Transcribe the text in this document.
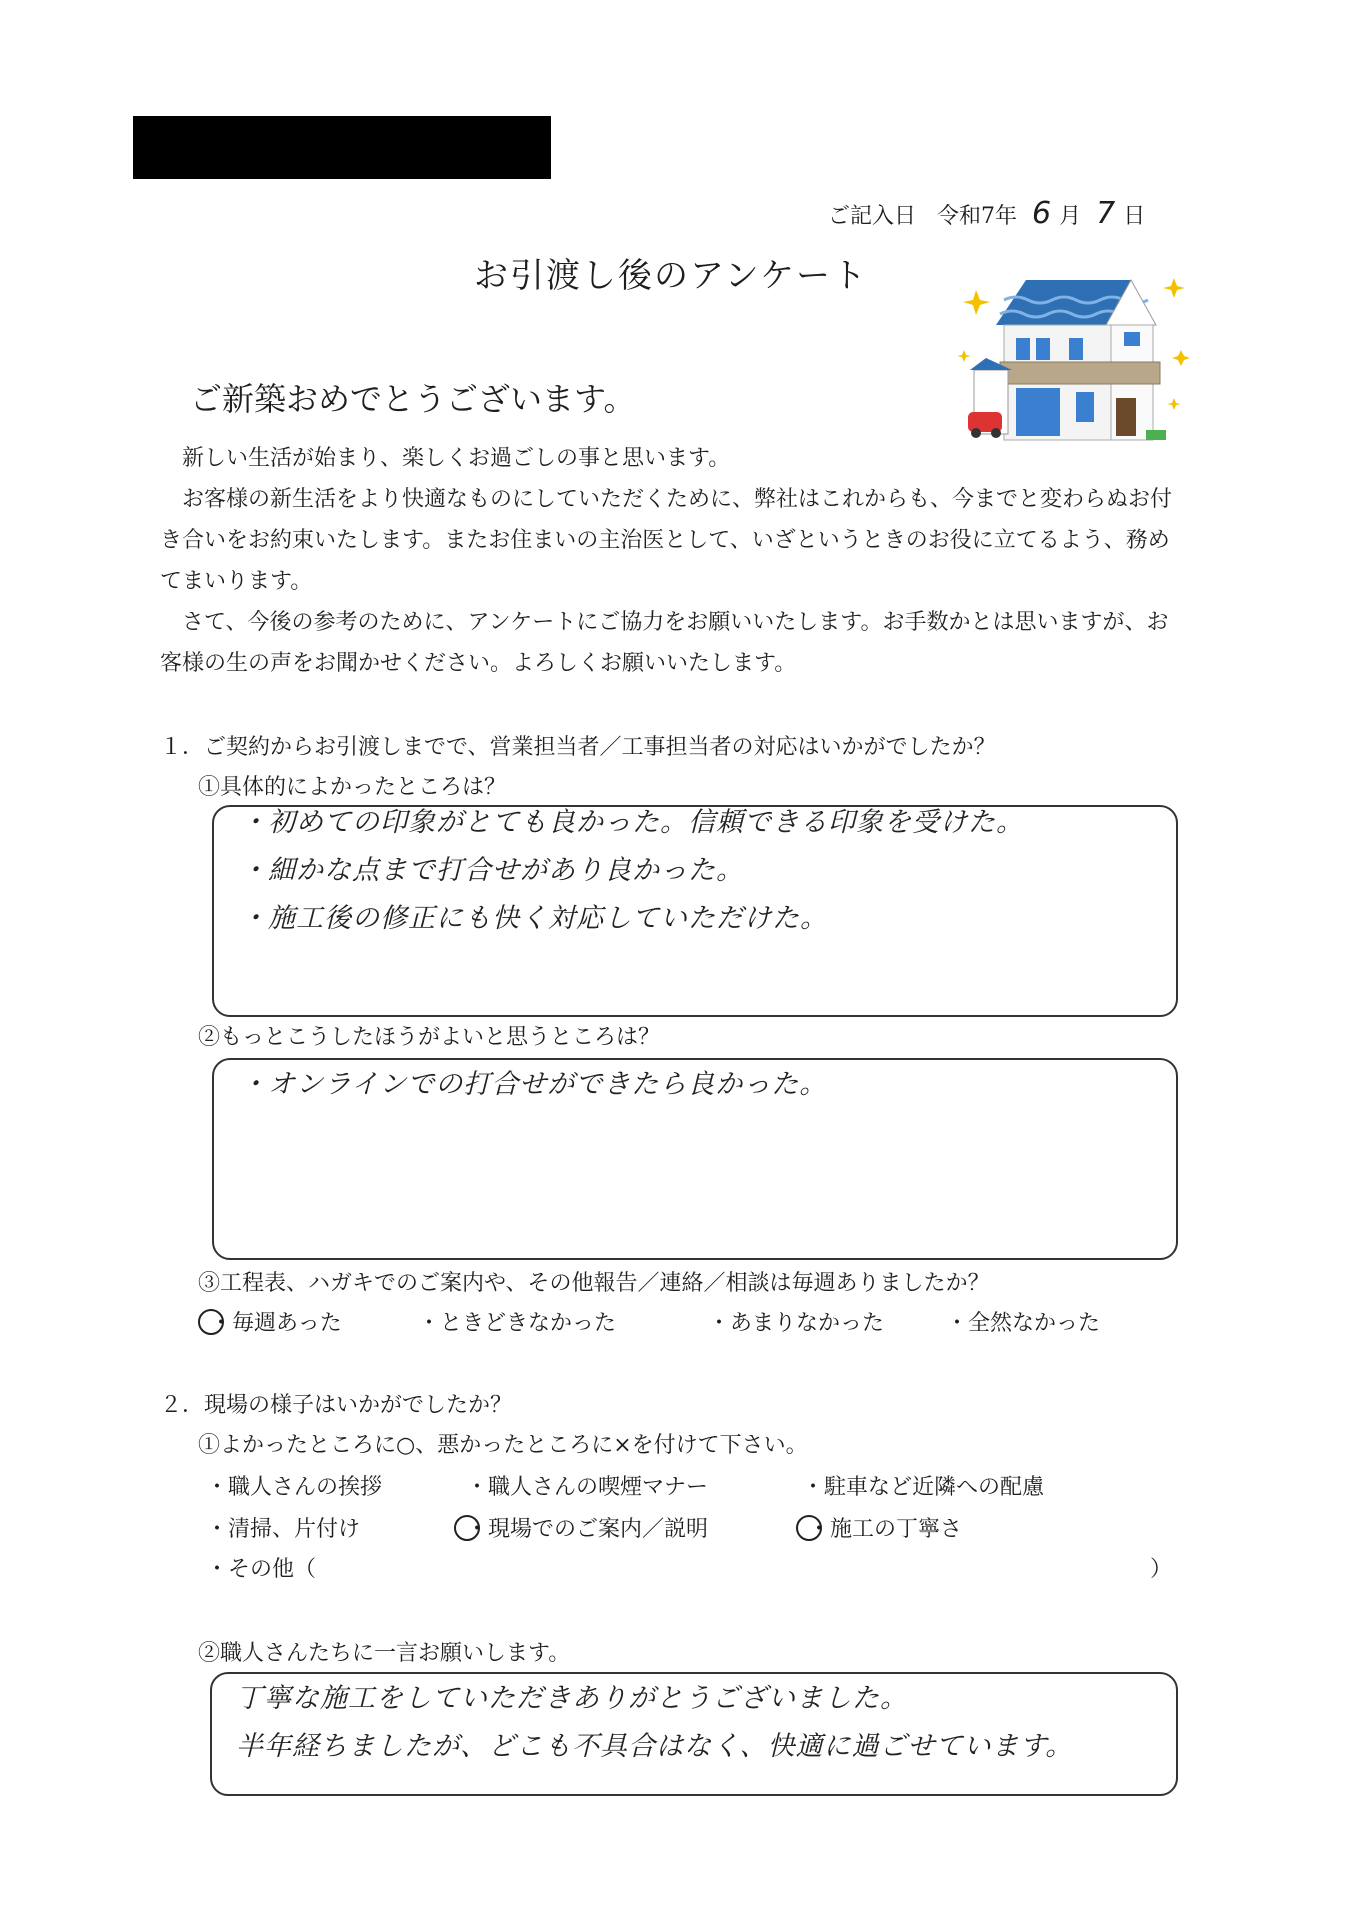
ご記入日 令和7年 6 月 7 日
お引渡し後のアンケート
ご新築おめでとうございます。

新しい生活が始まり、楽しくお過ごしの事と思います。

お客様の新生活をより快適なものにしていただくために、弊社はこれからも、今までと変わらぬお付き合いをお約束いたします。またお住まいの主治医として、いざというときのお役に立てるよう、務めてまいります。

さて、今後の参考のために、アンケートにご協力をお願いいたします。お手数かとは思いますが、お客様の生の声をお聞かせください。よろしくお願いいたします。

１．ご契約からお引渡しまでで、営業担当者／工事担当者の対応はいかがでしたか？
①具体的によかったところは？
・初めての印象がとても良かった。信頼できる印象を受けた。
・細かな点まで打合せがあり良かった。
・施工後の修正にも快く対応していただけた。
②もっとこうしたほうがよいと思うところは？
・オンラインでの打合せができたら良かった。
③工程表、ハガキでのご案内や、その他報告／連絡／相談は毎週ありましたか？
・毎週あった	・ときどきなかった	・あまりなかった	・全然なかった
２．現場の様子はいかがでしたか？
①よかったところに○、悪かったところに×を付けて下さい。
・職人さんの挨拶	・職人さんの喫煙マナー	・駐車など近隣への配慮
・清掃、片付け	・現場でのご案内／説明	・施工の丁寧さ
・その他（	）
②職人さんたちに一言お願いします。
丁寧な施工をしていただきありがとうございました。
半年経ちましたが、どこも不具合はなく、快適に過ごせています。
